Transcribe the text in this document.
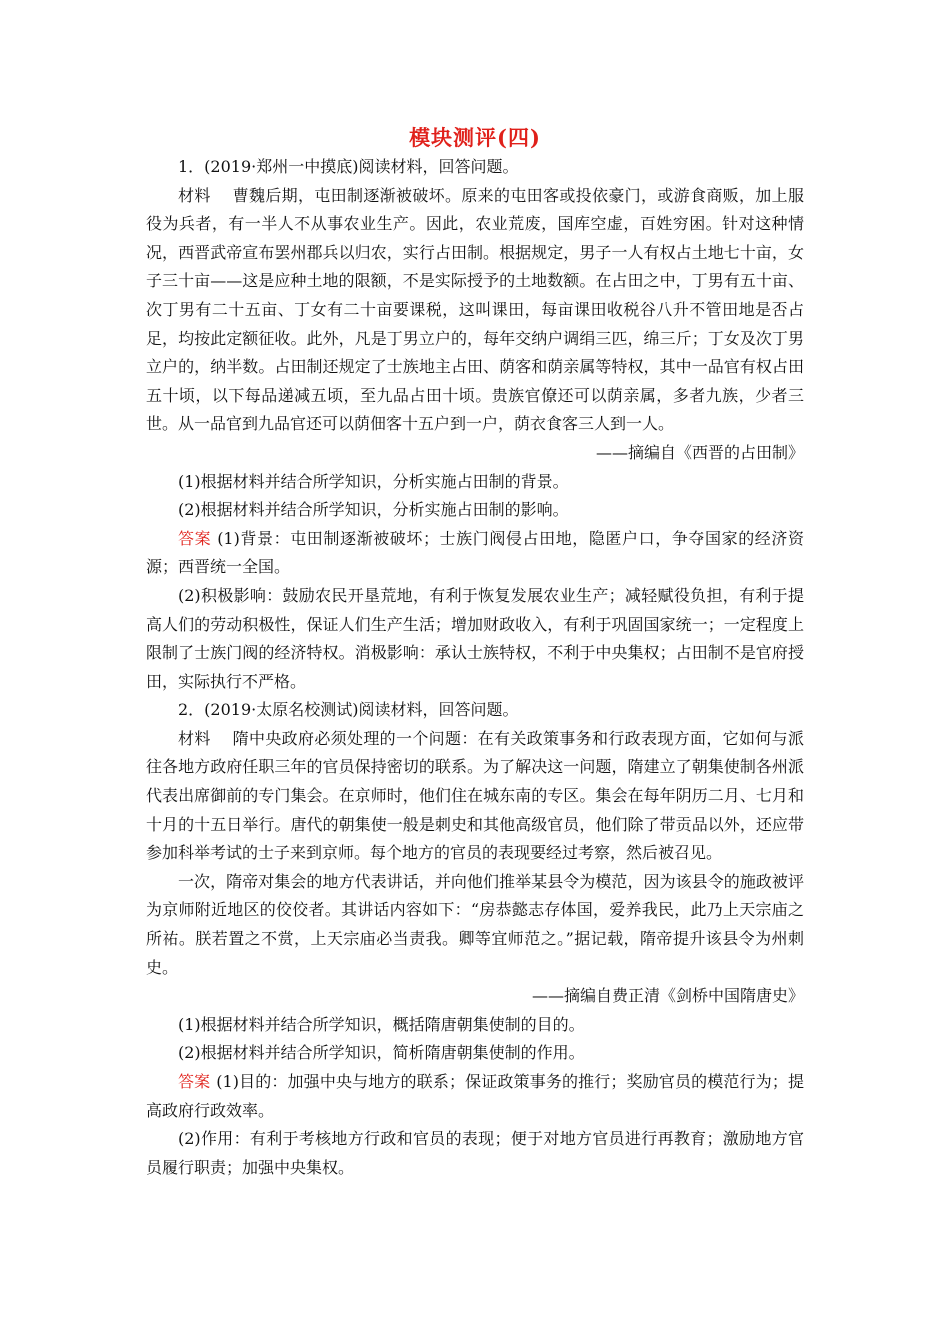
模块测评(四)

1．(2019·郑州一中摸底)阅读材料，回答问题。

材料 曹魏后期，屯田制逐渐被破坏。原来的屯田客或投依豪门，或游食商贩，加上服役为兵者，有一半人不从事农业生产。因此，农业荒废，国库空虚，百姓穷困。针对这种情况，西晋武帝宣布罢州郡兵以归农，实行占田制。根据规定，男子一人有权占土地七十亩，女子三十亩——这是应种土地的限额，不是实际授予的土地数额。在占田之中，丁男有五十亩、次丁男有二十五亩、丁女有二十亩要课税，这叫课田，每亩课田收税谷八升不管田地是否占足，均按此定额征收。此外，凡是丁男立户的，每年交纳户调绢三匹，绵三斤；丁女及次丁男立户的，纳半数。占田制还规定了士族地主占田、荫客和荫亲属等特权，其中一品官有权占田五十顷，以下每品递减五顷，至九品占田十顷。贵族官僚还可以荫亲属，多者九族，少者三世。从一品官到九品官还可以荫佃客十五户到一户，荫衣食客三人到一人。

——摘编自《西晋的占田制》

(1)根据材料并结合所学知识，分析实施占田制的背景。

(2)根据材料并结合所学知识，分析实施占田制的影响。

答案 (1)背景：屯田制逐渐被破坏；士族门阀侵占田地，隐匿户口，争夺国家的经济资源；西晋统一全国。

(2)积极影响：鼓励农民开垦荒地，有利于恢复发展农业生产；减轻赋役负担，有利于提高人们的劳动积极性，保证人们生产生活；增加财政收入，有利于巩固国家统一；一定程度上限制了士族门阀的经济特权。消极影响：承认士族特权，不利于中央集权；占田制不是官府授田，实际执行不严格。

2．(2019·太原名校测试)阅读材料，回答问题。

材料 隋中央政府必须处理的一个问题：在有关政策事务和行政表现方面，它如何与派往各地方政府任职三年的官员保持密切的联系。为了解决这一问题，隋建立了朝集使制各州派代表出席御前的专门集会。在京师时，他们住在城东南的专区。集会在每年阴历二月、七月和十月的十五日举行。唐代的朝集使一般是刺史和其他高级官员，他们除了带贡品以外，还应带参加科举考试的士子来到京师。每个地方的官员的表现要经过考察，然后被召见。

一次，隋帝对集会的地方代表讲话，并向他们推举某县令为模范，因为该县令的施政被评为京师附近地区的佼佼者。其讲话内容如下：“房恭懿志存体国，爱养我民，此乃上天宗庙之所祐。朕若置之不赏，上天宗庙必当责我。卿等宜师范之。”据记载，隋帝提升该县令为州刺史。

——摘编自费正清《剑桥中国隋唐史》

(1)根据材料并结合所学知识，概括隋唐朝集使制的目的。

(2)根据材料并结合所学知识，简析隋唐朝集使制的作用。

答案 (1)目的：加强中央与地方的联系；保证政策事务的推行；奖励官员的模范行为；提高政府行政效率。

(2)作用：有利于考核地方行政和官员的表现；便于对地方官员进行再教育；激励地方官员履行职责；加强中央集权。
